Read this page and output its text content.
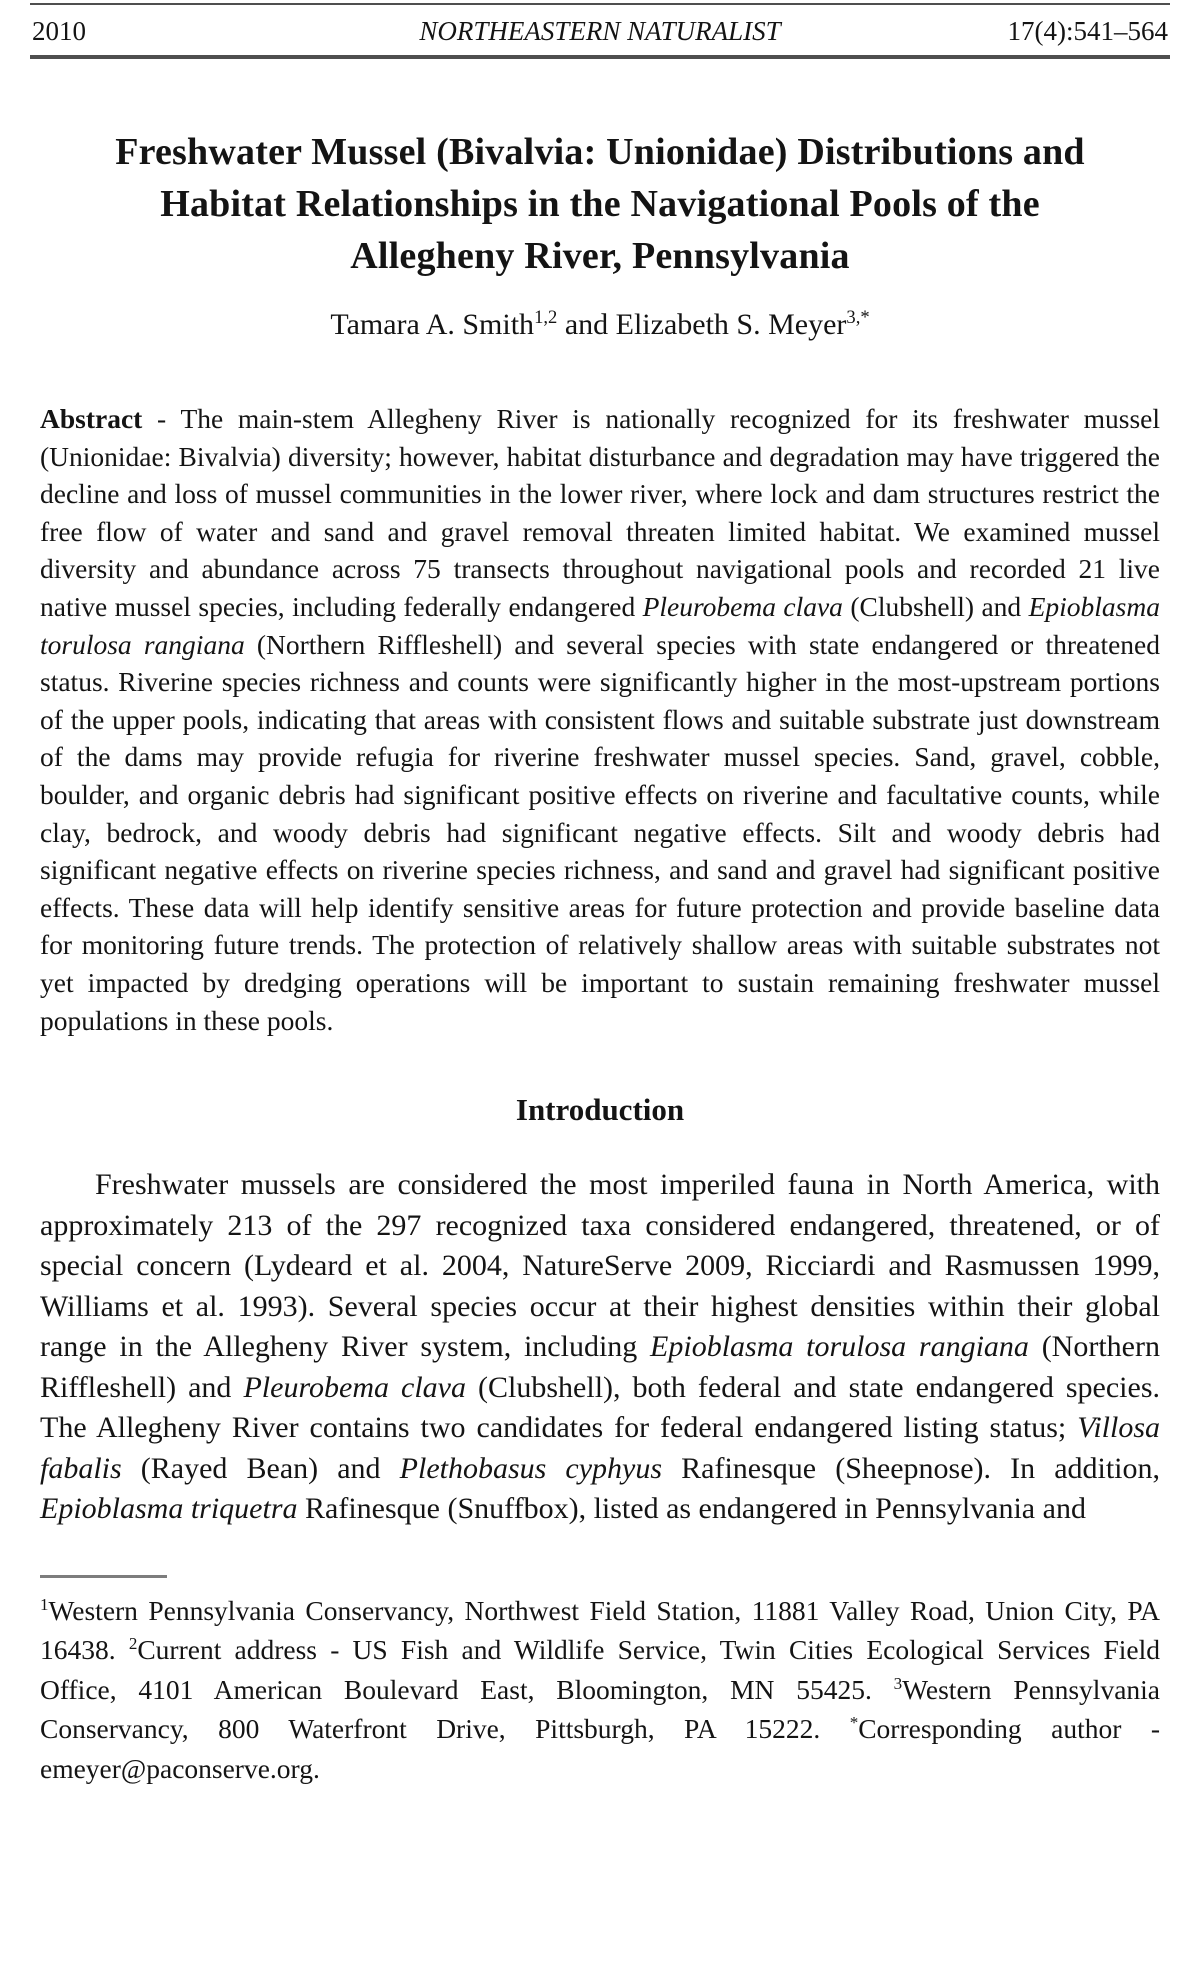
2010	NORTHEASTERN NATURALIST	17(4):541–564
Freshwater Mussel (Bivalvia: Unionidae) Distributions and
Habitat Relationships in the Navigational Pools of the
Allegheny River, Pennsylvania
Tamara A. Smith$^{1,2}$ and Elizabeth S. Meyer$^{3,*}$

Abstract - The main-stem Allegheny River is nationally recognized for its freshwater mussel (Unionidae: Bivalvia) diversity; however, habitat disturbance and degradation may have triggered the decline and loss of mussel communities in the lower river, where lock and dam structures restrict the free flow of water and sand and gravel removal threaten limited habitat. We examined mussel diversity and abundance across 75 transects throughout navigational pools and recorded 21 live native mussel species, including federally endangered Pleurobema clava (Clubshell) and Epioblasma torulosa rangiana (Northern Riffleshell) and several species with state endangered or threatened status. Riverine species richness and counts were significantly higher in the most-upstream portions of the upper pools, indicating that areas with consistent flows and suitable substrate just downstream of the dams may provide refugia for riverine freshwater mussel species. Sand, gravel, cobble, boulder, and organic debris had significant positive effects on riverine and facultative counts, while clay, bedrock, and woody debris had significant negative effects. Silt and woody debris had significant negative effects on riverine species richness, and sand and gravel had significant positive effects. These data will help identify sensitive areas for future protection and provide baseline data for monitoring future trends. The protection of relatively shallow areas with suitable substrates not yet impacted by dredging operations will be important to sustain remaining freshwater mussel populations in these pools.

Introduction

Freshwater mussels are considered the most imperiled fauna in North America, with approximately 213 of the 297 recognized taxa considered endangered, threatened, or of special concern (Lydeard et al. 2004, NatureServe 2009, Ricciardi and Rasmussen 1999, Williams et al. 1993). Several species occur at their highest densities within their global range in the Allegheny River system, including Epioblasma torulosa rangiana (Northern Riffleshell) and Pleurobema clava (Clubshell), both federal and state endangered species. The Allegheny River contains two candidates for federal endangered listing status; Villosa fabalis (Rayed Bean) and Plethobasus cyphyus Rafinesque (Sheepnose). In addition, Epioblasma triquetra Rafinesque (Snuffbox), listed as endangered in Pennsylvania and

$^1$Western Pennsylvania Conservancy, Northwest Field Station, 11881 Valley Road, Union City, PA 16438. $^2$Current address - US Fish and Wildlife Service, Twin Cities Ecological Services Field Office, 4101 American Boulevard East, Bloomington, MN 55425. $^3$Western Pennsylvania Conservancy, 800 Waterfront Drive, Pittsburgh, PA 15222. *Corresponding author - emeyer@paconserve.org.
